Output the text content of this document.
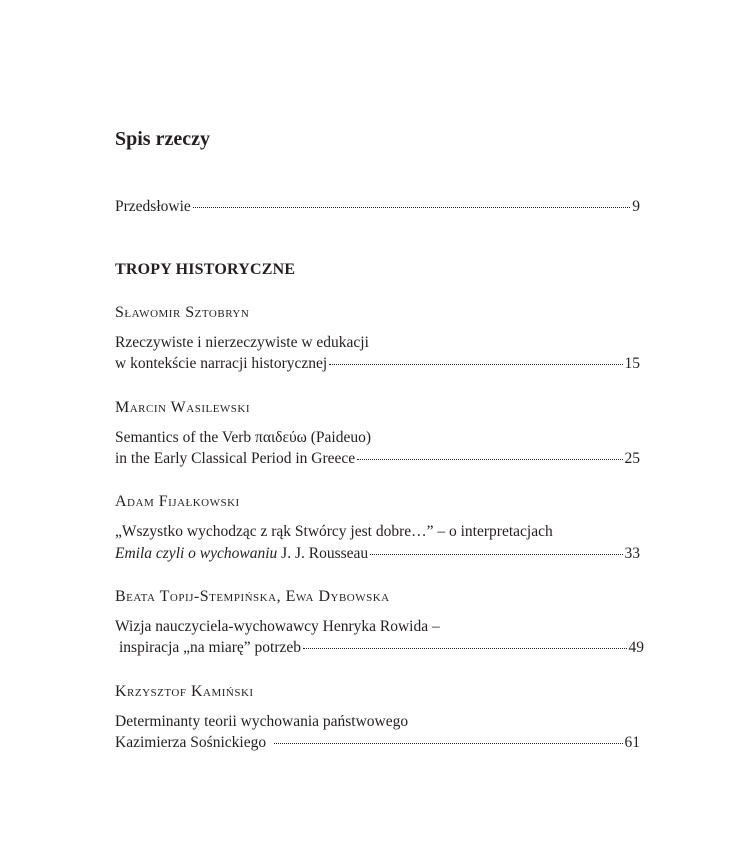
Spis rzeczy
Przedsłowie	9
TROPY HISTORYCZNE
Sławomir Sztobryn
Rzeczywiste i nierzeczywiste w edukacji
w kontekście narracji historycznej	15
Marcin Wasilewski
Semantics of the Verb παιδεύω (Paideuo)
in the Early Classical Period in Greece	25
Adam Fijałkowski
„Wszystko wychodząc z rąk Stwórcy jest dobre…” – o interpretacjach
Emila czyli o wychowaniu J. J. Rousseau	33
Beata Topij-Stempińska, Ewa Dybowska
Wizja nauczyciela-wychowawcy Henryka Rowida –
inspiracja „na miarę” potrzeb	49
Krzysztof Kamiński
Determinanty teorii wychowania państwowego
Kazimierza Sośnickiego	61
